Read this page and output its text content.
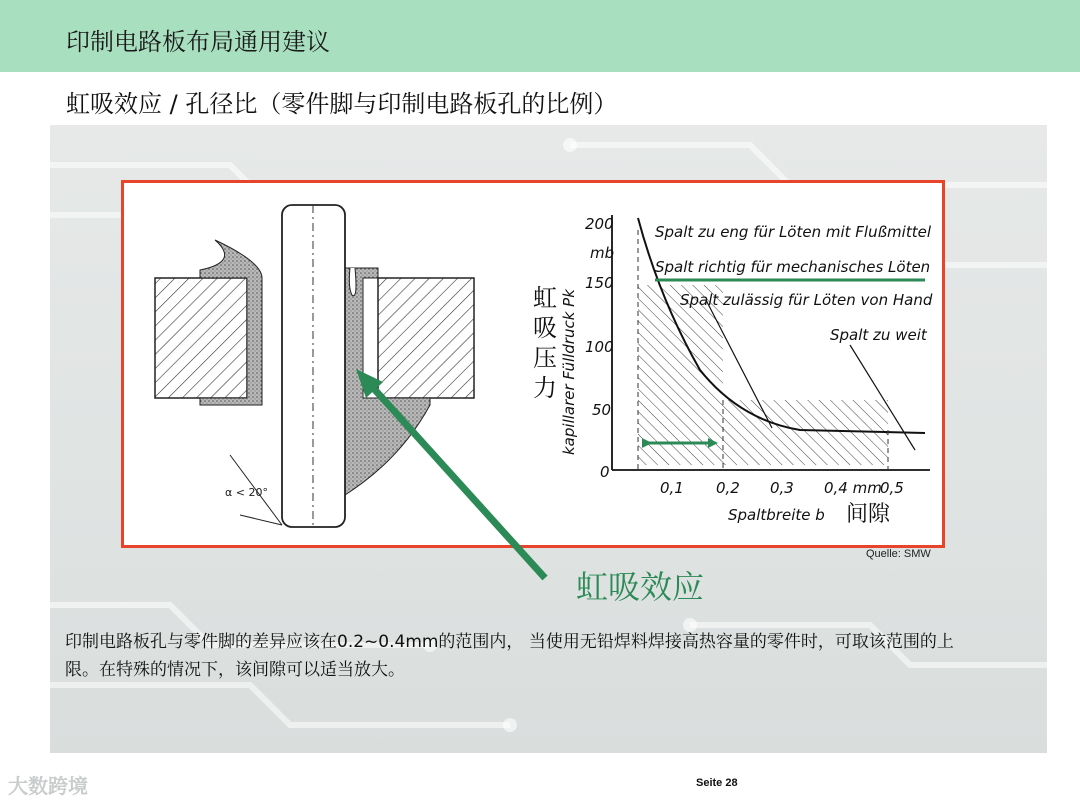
印制电路板布局通用建议
虹吸效应 / 孔径比（零件脚与印制电路板孔的比例）
α < 20°
200
mb
150
100
50
0
0,1 0,2 0,3 0,4 mm
0,5
Spaltbreite b
Spalt zu eng für Löten mit Flußmittel
Spalt richtig für mechanisches Löten
Spalt zulässig für Löten von Hand
Spalt zu weit
kapillarer Fülldruck Pk
虹吸压力
间隙
Quelle: SMW
虹吸效应
印制电路板孔与零件脚的差异应该在0.2~0.4mm的范围内， 当使用无铅焊料焊接高热容量的零件时，可取该范围的上限。在特殊的情况下，该间隙可以适当放大。
大数跨境	Seite 28
